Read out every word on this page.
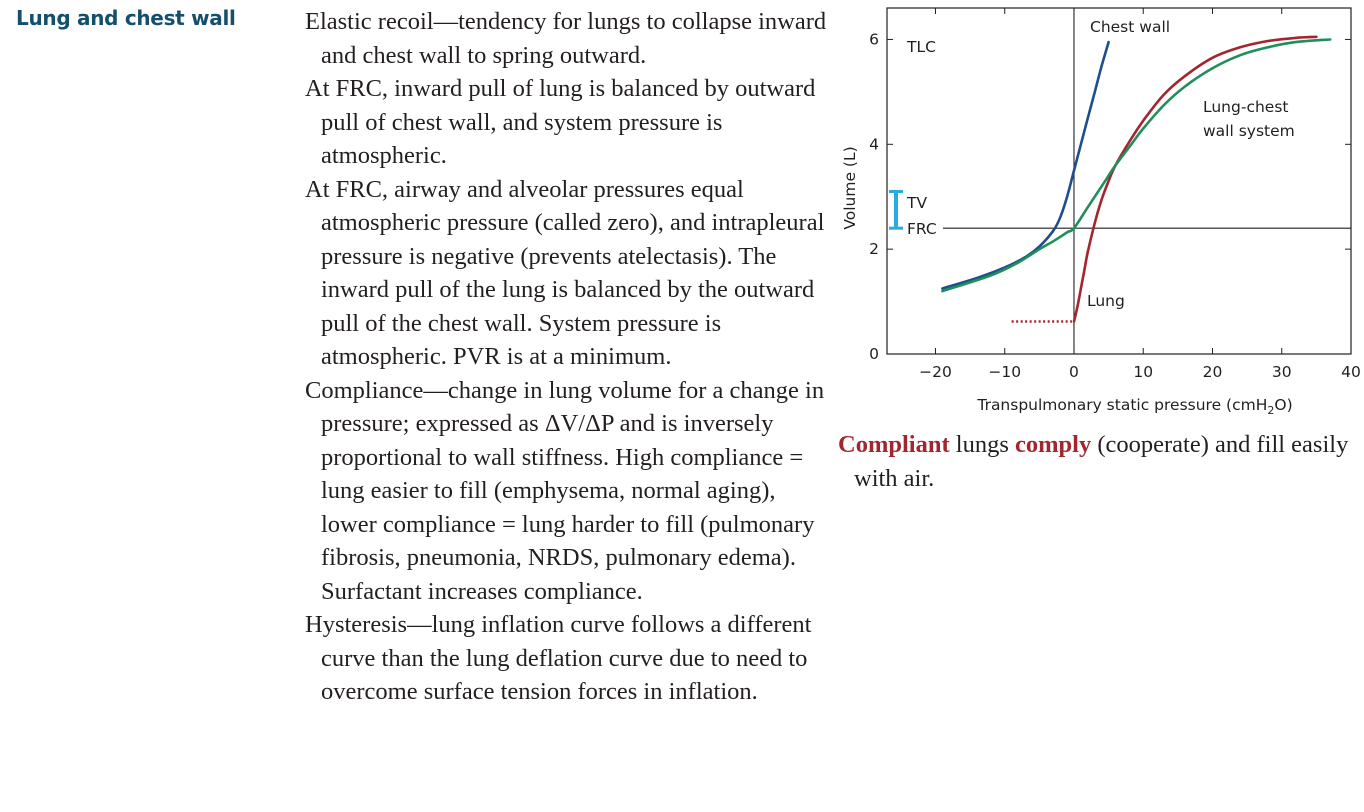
Lung and chest wall	Elastic recoil—tendency for lungs to collapse inward and chest wall to spring outward.

At FRC, inward pull of lung is balanced by outward pull of chest wall, and system pressure is atmospheric.

At FRC, airway and alveolar pressures equal atmospheric pressure (called zero), and intrapleural pressure is negative (prevents atelectasis). The inward pull of the lung is balanced by the outward pull of the chest wall. System pressure is atmospheric. PVR is at a minimum.

Compliance—change in lung volume for a change in pressure; expressed as ΔV/ΔP and is inversely proportional to wall stiffness. High compliance = lung easier to fill (emphysema, normal aging), lower compliance = lung harder to fill (pulmonary fibrosis, pneumonia, NRDS, pulmonary edema). Surfactant increases compliance.

Hysteresis—lung inflation curve follows a different curve than the lung deflation curve due to need to overcome surface tension forces in inflation.

−20 −10	0	10	20	30	40
0
2
4
6
Chest wall
Lung-chest
wall system
Lung
TLC
TV
FRC
Volume (L)
Transpulmonary static pressure (cmH$_2$O)

Compliant lungs comply (cooperate) and fill easily with air.
